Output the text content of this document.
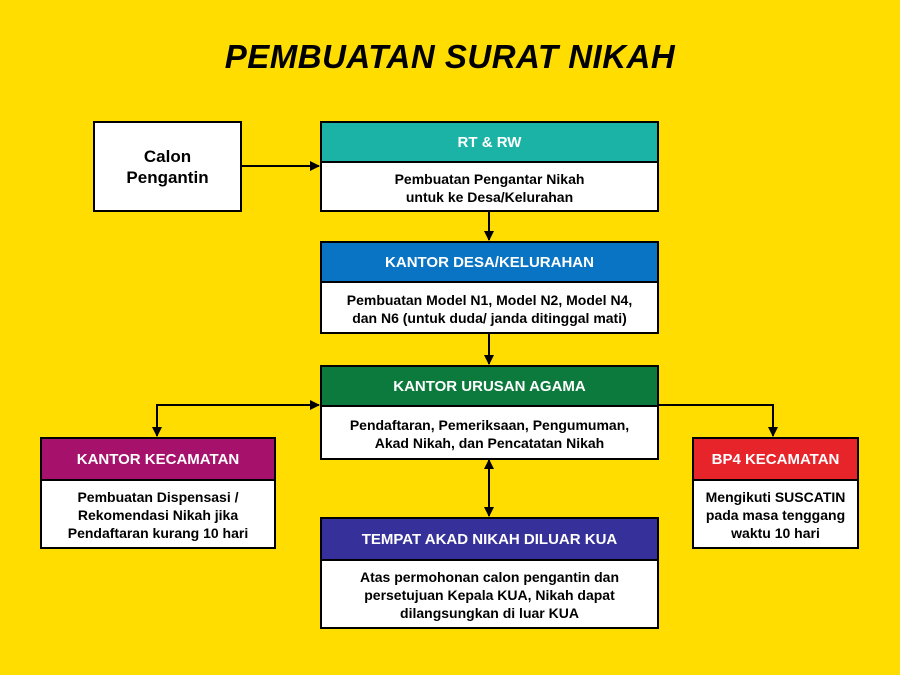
PEMBUATAN SURAT NIKAH
Calon
Pengantin
RT & RW
Pembuatan Pengantar Nikah
untuk ke Desa/Kelurahan
KANTOR DESA/KELURAHAN
Pembuatan Model N1, Model N2, Model N4,
dan N6 (untuk duda/ janda ditinggal mati)
KANTOR URUSAN AGAMA
Pendaftaran, Pemeriksaan, Pengumuman,
Akad Nikah, dan Pencatatan Nikah
KANTOR KECAMATAN
Pembuatan Dispensasi /
Rekomendasi Nikah jika
Pendaftaran kurang 10 hari
BP4 KECAMATAN
Mengikuti SUSCATIN
pada masa tenggang
waktu 10 hari
TEMPAT AKAD NIKAH DILUAR KUA
Atas permohonan calon pengantin dan
persetujuan Kepala KUA, Nikah dapat
dilangsungkan di luar KUA
